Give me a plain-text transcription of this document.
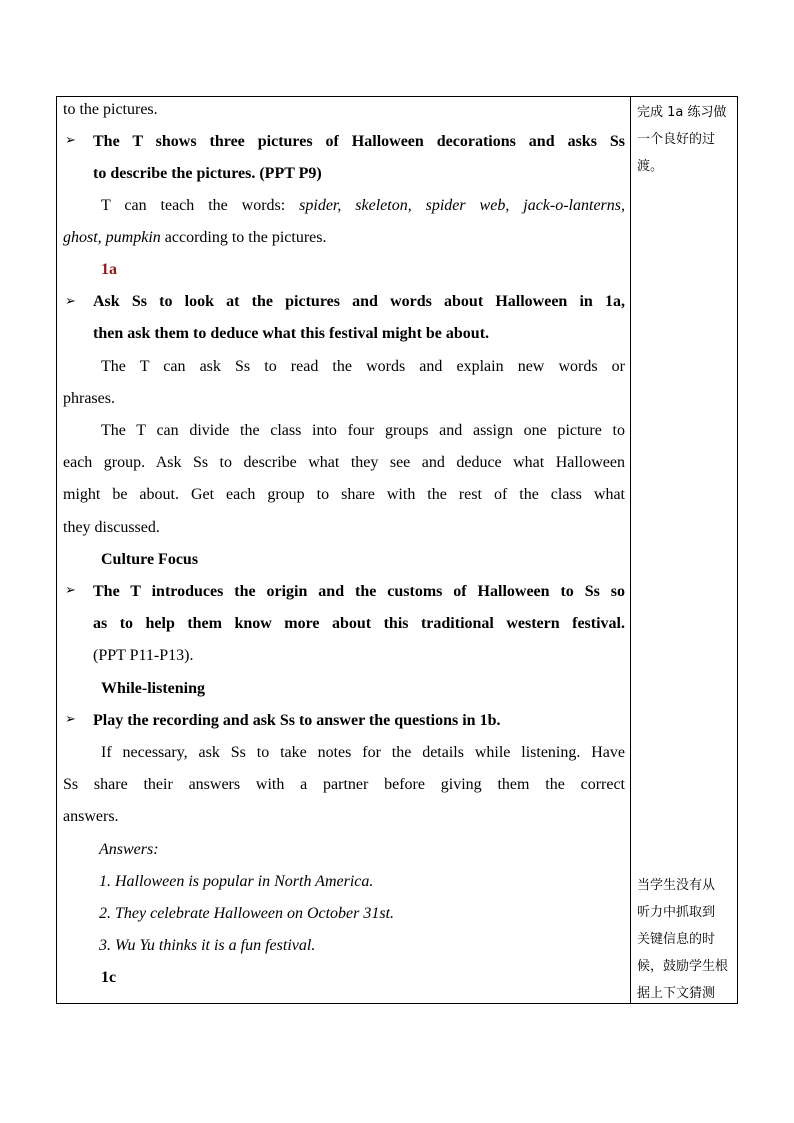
to the pictures.
➢ The T shows three pictures of Halloween decorations and asks Ss
to describe the pictures. (PPT P9)
T can teach the words: spider, skeleton, spider web, jack-o-lanterns,
ghost, pumpkin according to the pictures.
1a
➢ Ask Ss to look at the pictures and words about Halloween in 1a,
then ask them to deduce what this festival might be about.
The T can ask Ss to read the words and explain new words or
phrases.
The T can divide the class into four groups and assign one picture to
each group. Ask Ss to describe what they see and deduce what Halloween
might be about. Get each group to share with the rest of the class what
they discussed.
Culture Focus
➢ The T introduces the origin and the customs of Halloween to Ss so
as to help them know more about this traditional western festival.
(PPT P11-P13).
While-listening
➢ Play the recording and ask Ss to answer the questions in 1b.
If necessary, ask Ss to take notes for the details while listening. Have
Ss share their answers with a partner before giving them the correct
answers.
Answers:
1. Halloween is popular in North America.
2. They celebrate Halloween on October 31st.
3. Wu Yu thinks it is a fun festival.
1c
完成 1a 练习做
一个良好的过
渡。
当学生没有从
听力中抓取到
关键信息的时
候，鼓励学生根
据上下文猜测
